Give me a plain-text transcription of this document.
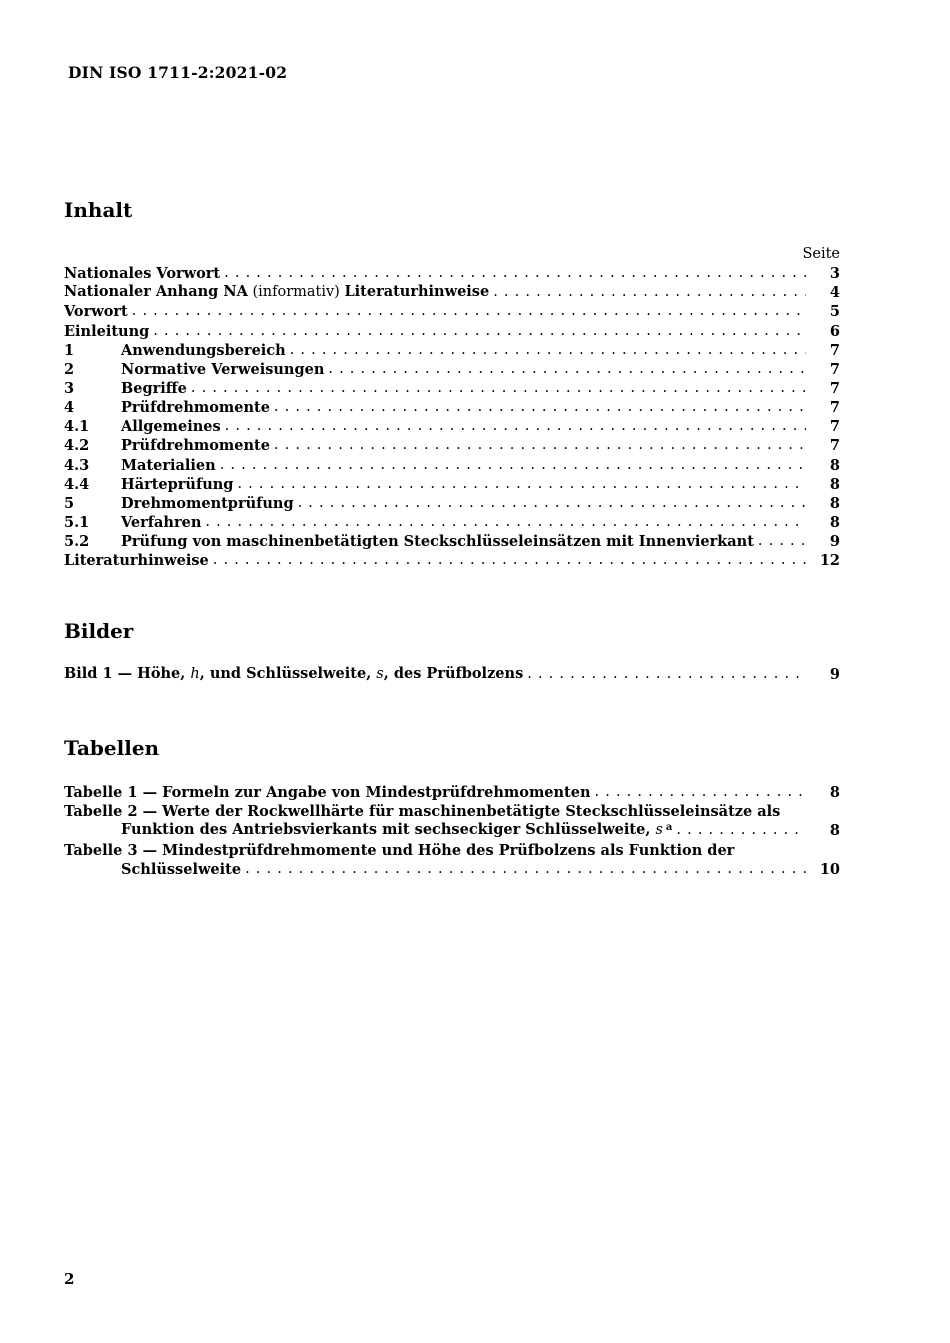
DIN ISO 1711-2:2021-02
Inhalt
Seite
Nationales Vorwort . . .	3
Nationaler Anhang NA (informativ) Literaturhinweise . . .	4
Vorwort . . .	5
Einleitung . . .	6
1	Anwendungsbereich . . .	7
2	Normative Verweisungen . . .	7
3	Begriffe . . .	7
4	Prüfdrehmomente . . .	7
4.1	Allgemeines . . .	7
4.2	Prüfdrehmomente . . .	7
4.3	Materialien . . .	8
4.4	Härteprüfung . . .	8
5	Drehmomentprüfung . . .	8
5.1	Verfahren . . .	8
5.2	Prüfung von maschinenbetätigten Steckschlüsseleinsätzen mit Innenvierkant . . .	9
Literaturhinweise . . .	12
Bilder
Bild 1 — Höhe, h, und Schlüsselweite, s, des Prüfbolzens . . .	9
Tabellen
Tabelle 1 — Formeln zur Angabe von Mindestprüfdrehmomenten . . .	8
Tabelle 2 — Werte der Rockwellhärte für maschinenbetätigte Steckschlüsseleinsätze als
Funktion des Antriebsvierkants mit sechseckiger Schlüsselweite, s $^a$ . . .	8
Tabelle 3 — Mindestprüfdrehmomente und Höhe des Prüfbolzens als Funktion der
Schlüsselweite . . .	10
2
